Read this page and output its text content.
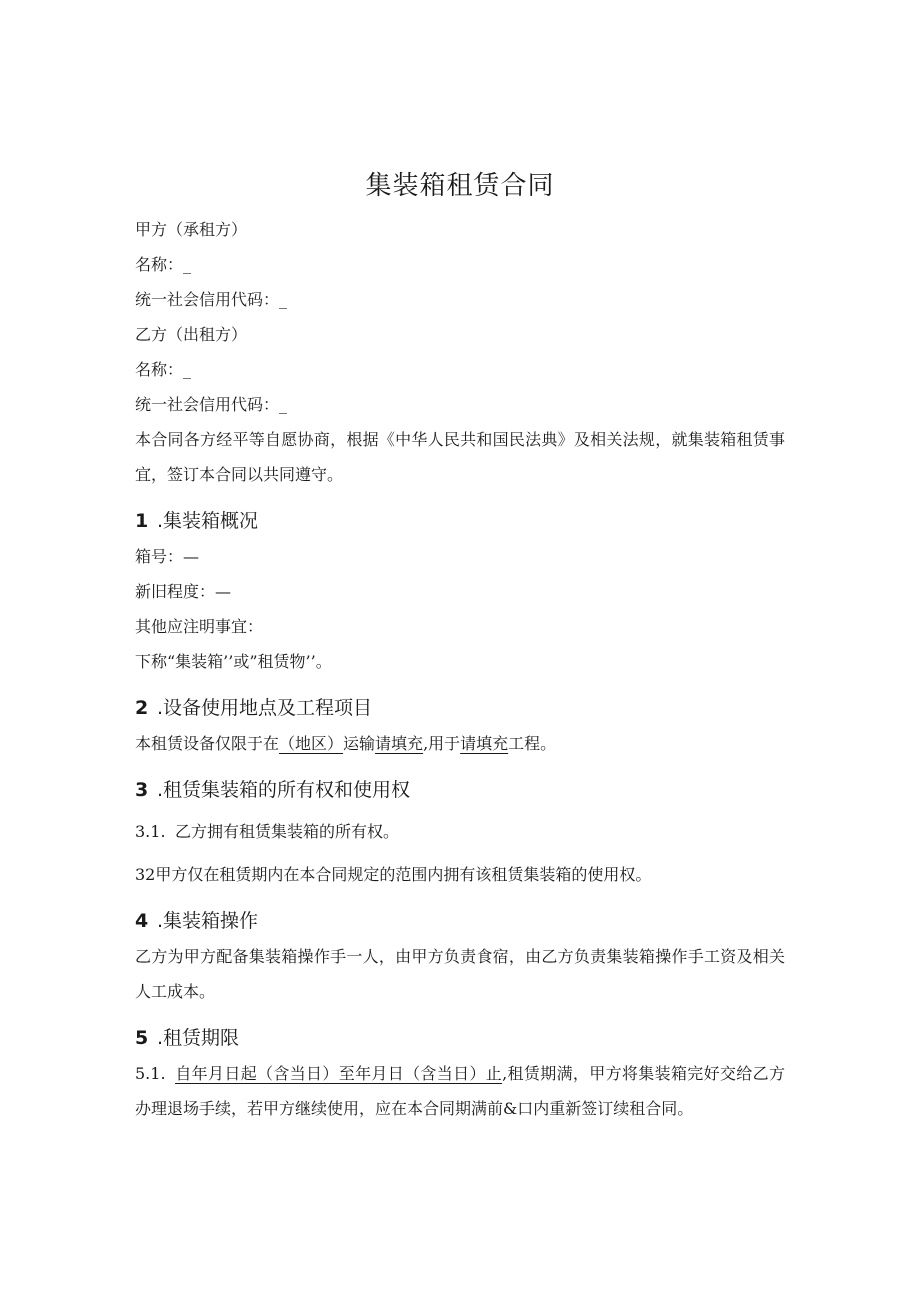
集装箱租赁合同
甲方（承租方）
名称：_
统一社会信用代码：_
乙方（出租方）
名称：_
统一社会信用代码：_
本合同各方经平等自愿协商，根据《中华人民共和国民法典》及相关法规，就集装箱租赁事宜，签订本合同以共同遵守。
1 .集装箱概况
箱号：—
新旧程度：—
其他应注明事宜：
下称“集装箱’’或”租赁物’’。
2 .设备使用地点及工程项目
本租赁设备仅限于在（地区）运输请填充,用于请填充工程。
3 .租赁集装箱的所有权和使用权
3.1. 乙方拥有租赁集装箱的所有权。
32甲方仅在租赁期内在本合同规定的范围内拥有该租赁集装箱的使用权。
4 .集装箱操作
乙方为甲方配备集装箱操作手一人，由甲方负责食宿，由乙方负责集装箱操作手工资及相关人工成本。
5 .租赁期限
5.1. 自年月日起（含当日）至年月日（含当日）止,租赁期满，甲方将集装箱完好交给乙方办理退场手续，若甲方继续使用，应在本合同期满前&口内重新签订续租合同。
